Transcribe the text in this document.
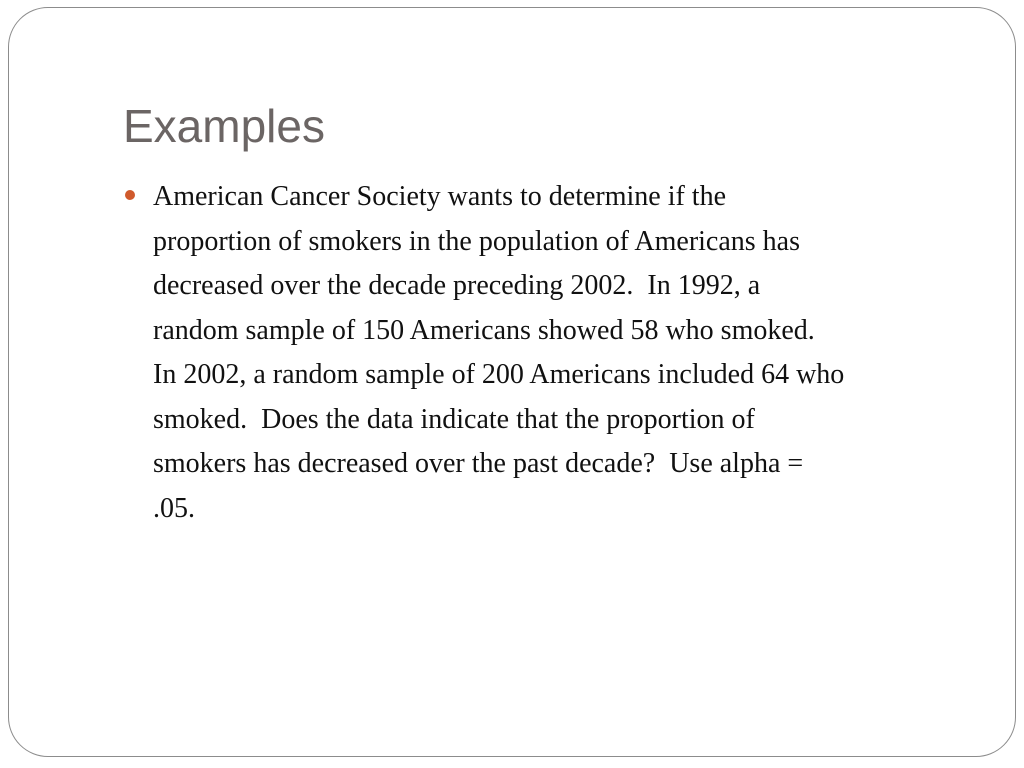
Examples
American Cancer Society wants to determine if the
proportion of smokers in the population of Americans has
decreased over the decade preceding 2002.  In 1992, a
random sample of 150 Americans showed 58 who smoked.
In 2002, a random sample of 200 Americans included 64 who
smoked.  Does the data indicate that the proportion of
smokers has decreased over the past decade?  Use alpha =
.05.
